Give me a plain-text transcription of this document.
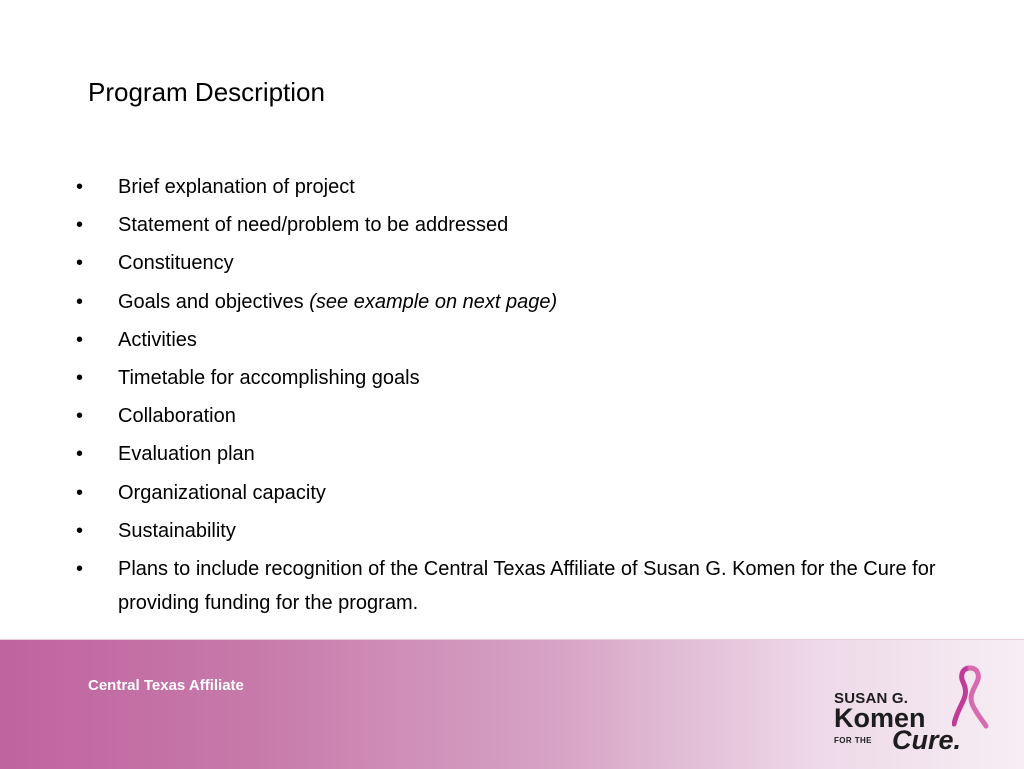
Program Description
• Brief explanation of project
• Statement of need/problem to be addressed
• Constituency
• Goals and objectives (see example on next page)
• Activities
• Timetable for accomplishing goals
• Collaboration
• Evaluation plan
• Organizational capacity
• Sustainability
• Plans to include recognition of the Central Texas Affiliate of Susan G. Komen for the Cure for providing funding for the program.
Central Texas Affiliate
SUSAN G.
Komen
FOR THE Cure.
